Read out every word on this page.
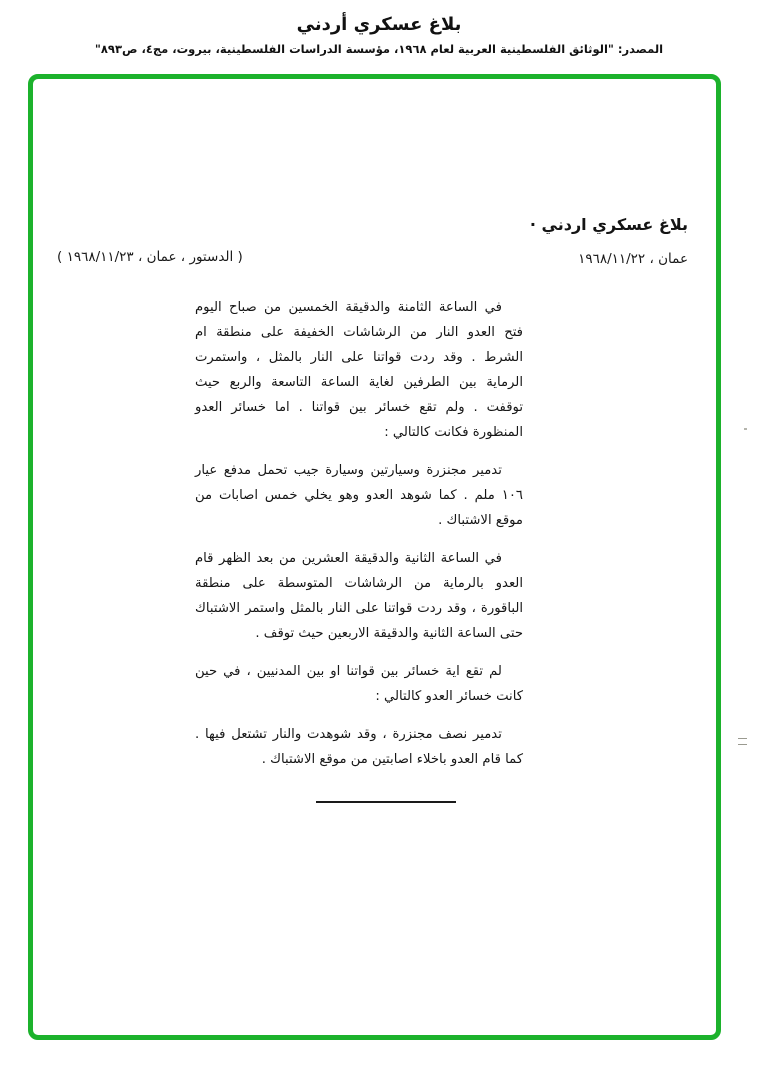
بلاغ عسكري أردني
المصدر: "الوثائق الفلسطينية العربية لعام ١٩٦٨، مؤسسة الدراسات الفلسطينية، بيروت، مج٤، ص٨٩٣"
بلاغ عسكري اردني ·
عمان ، ١٩٦٨/١١/٢٢
( الدستور ، عمان ، ١٩٦٨/١١/٢٣ )

في الساعة الثامنة والدقيقة الخمسين من صباح اليوم فتح العدو النار من الرشاشات الخفيفة على منطقة ام الشرط . وقد ردت قواتنا على النار بالمثل ، واستمرت الرماية بين الطرفين لغاية الساعة التاسعة والربع حيث توقفت . ولم تقع خسائر بين قواتنا . اما خسائر العدو المنظورة فكانت كالتالي :

تدمير مجنزرة وسيارتين وسيارة جيب تحمل مدفع عيار ١٠٦ ملم . كما شوهد العدو وهو يخلي خمس اصابات من موقع الاشتباك .

في الساعة الثانية والدقيقة العشرين من بعد الظهر قام العدو بالرماية من الرشاشات المتوسطة على منطقة الباقورة ، وقد ردت قواتنا على النار بالمثل واستمر الاشتباك حتى الساعة الثانية والدقيقة الاربعين حيث توقف .

لم تقع اية خسائر بين قواتنا او بين المدنيين ، في حين كانت خسائر العدو كالتالي :

تدمير نصف مجنزرة ، وقد شوهدت والنار تشتعل فيها . كما قام العدو باخلاء اصابتين من موقع الاشتباك .
